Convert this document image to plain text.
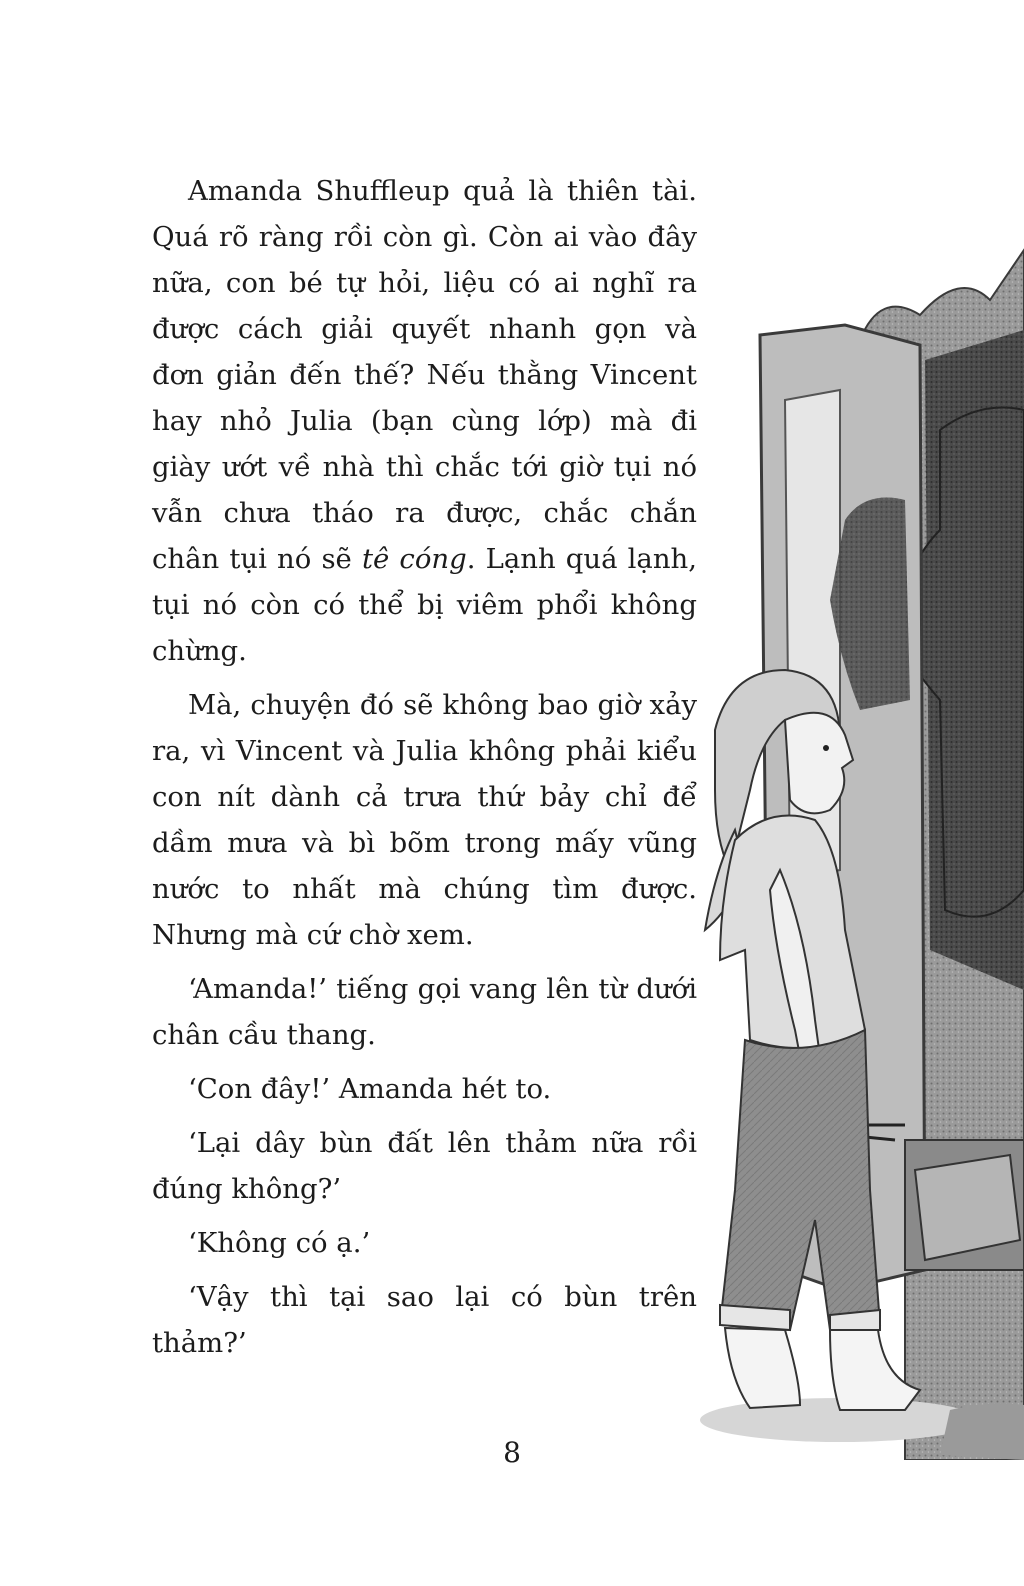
Amanda Shuffleup quả là thiên tài. Quá rõ ràng rồi còn gì. Còn ai vào đây nữa, con bé tự hỏi, liệu có ai nghĩ ra được cách giải quyết nhanh gọn và đơn giản đến thế? Nếu thằng Vincent hay nhỏ Julia (bạn cùng lớp) mà đi giày ướt về nhà thì chắc tới giờ tụi nó vẫn chưa tháo ra được, chắc chắn chân tụi nó sẽ tê cóng. Lạnh quá lạnh, tụi nó còn có thể bị viêm phổi không chừng.

Mà, chuyện đó sẽ không bao giờ xảy ra, vì Vincent và Julia không phải kiểu con nít dành cả trưa thứ bảy chỉ để dầm mưa và bì bõm trong mấy vũng nước to nhất mà chúng tìm được. Nhưng mà cứ chờ xem.

‘Amanda!’ tiếng gọi vang lên từ dưới chân cầu thang.

‘Con đây!’ Amanda hét to.

‘Lại dây bùn đất lên thảm nữa rồi đúng không?’

‘Không có ạ.’

‘Vậy thì tại sao lại có bùn trên thảm?’

8
